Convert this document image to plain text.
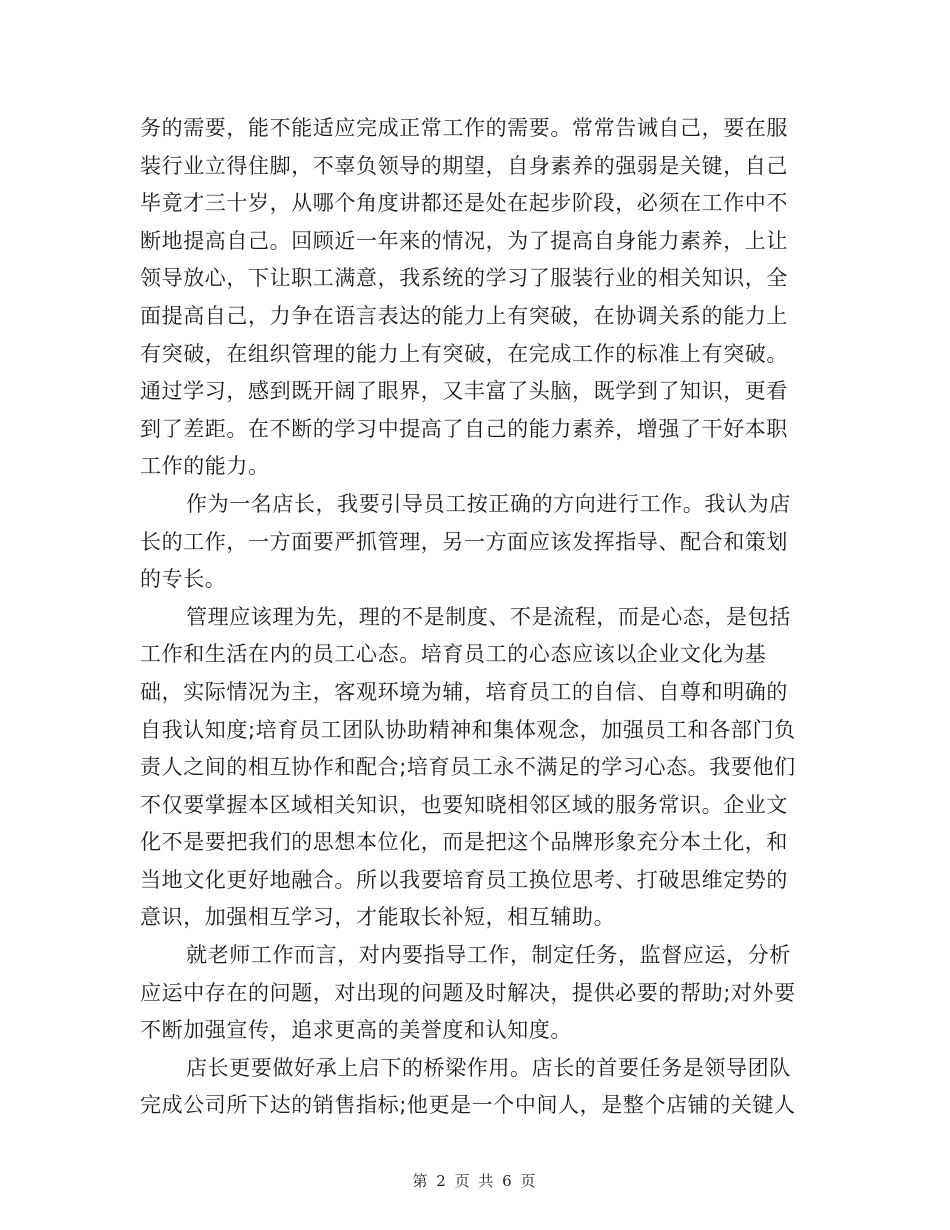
务的需要，能不能适应完成正常工作的需要。常常告诫自己，要在服装行业立得住脚，不辜负领导的期望，自身素养的强弱是关键，自己毕竟才三十岁，从哪个角度讲都还是处在起步阶段，必须在工作中不断地提高自己。回顾近一年来的情况，为了提高自身能力素养，上让领导放心，下让职工满意，我系统的学习了服装行业的相关知识，全面提高自己，力争在语言表达的能力上有突破，在协调关系的能力上有突破，在组织管理的能力上有突破，在完成工作的标准上有突破。通过学习，感到既开阔了眼界，又丰富了头脑，既学到了知识，更看到了差距。在不断的学习中提高了自己的能力素养，增强了干好本职工作的能力。

作为一名店长，我要引导员工按正确的方向进行工作。我认为店长的工作，一方面要严抓管理，另一方面应该发挥指导、配合和策划的专长。

管理应该理为先，理的不是制度、不是流程，而是心态，是包括工作和生活在内的员工心态。培育员工的心态应该以企业文化为基础，实际情况为主，客观环境为辅，培育员工的自信、自尊和明确的自我认知度;培育员工团队协助精神和集体观念，加强员工和各部门负责人之间的相互协作和配合;培育员工永不满足的学习心态。我要他们不仅要掌握本区域相关知识，也要知晓相邻区域的服务常识。企业文化不是要把我们的思想本位化，而是把这个品牌形象充分本土化，和当地文化更好地融合。所以我要培育员工换位思考、打破思维定势的意识，加强相互学习，才能取长补短，相互辅助。

就老师工作而言，对内要指导工作，制定任务，监督应运，分析应运中存在的问题，对出现的问题及时解决，提供必要的帮助;对外要不断加强宣传，追求更高的美誉度和认知度。

店长更要做好承上启下的桥梁作用。店长的首要任务是领导团队完成公司所下达的销售指标;他更是一个中间人，是整个店铺的关键人

第 2 页 共 6 页
